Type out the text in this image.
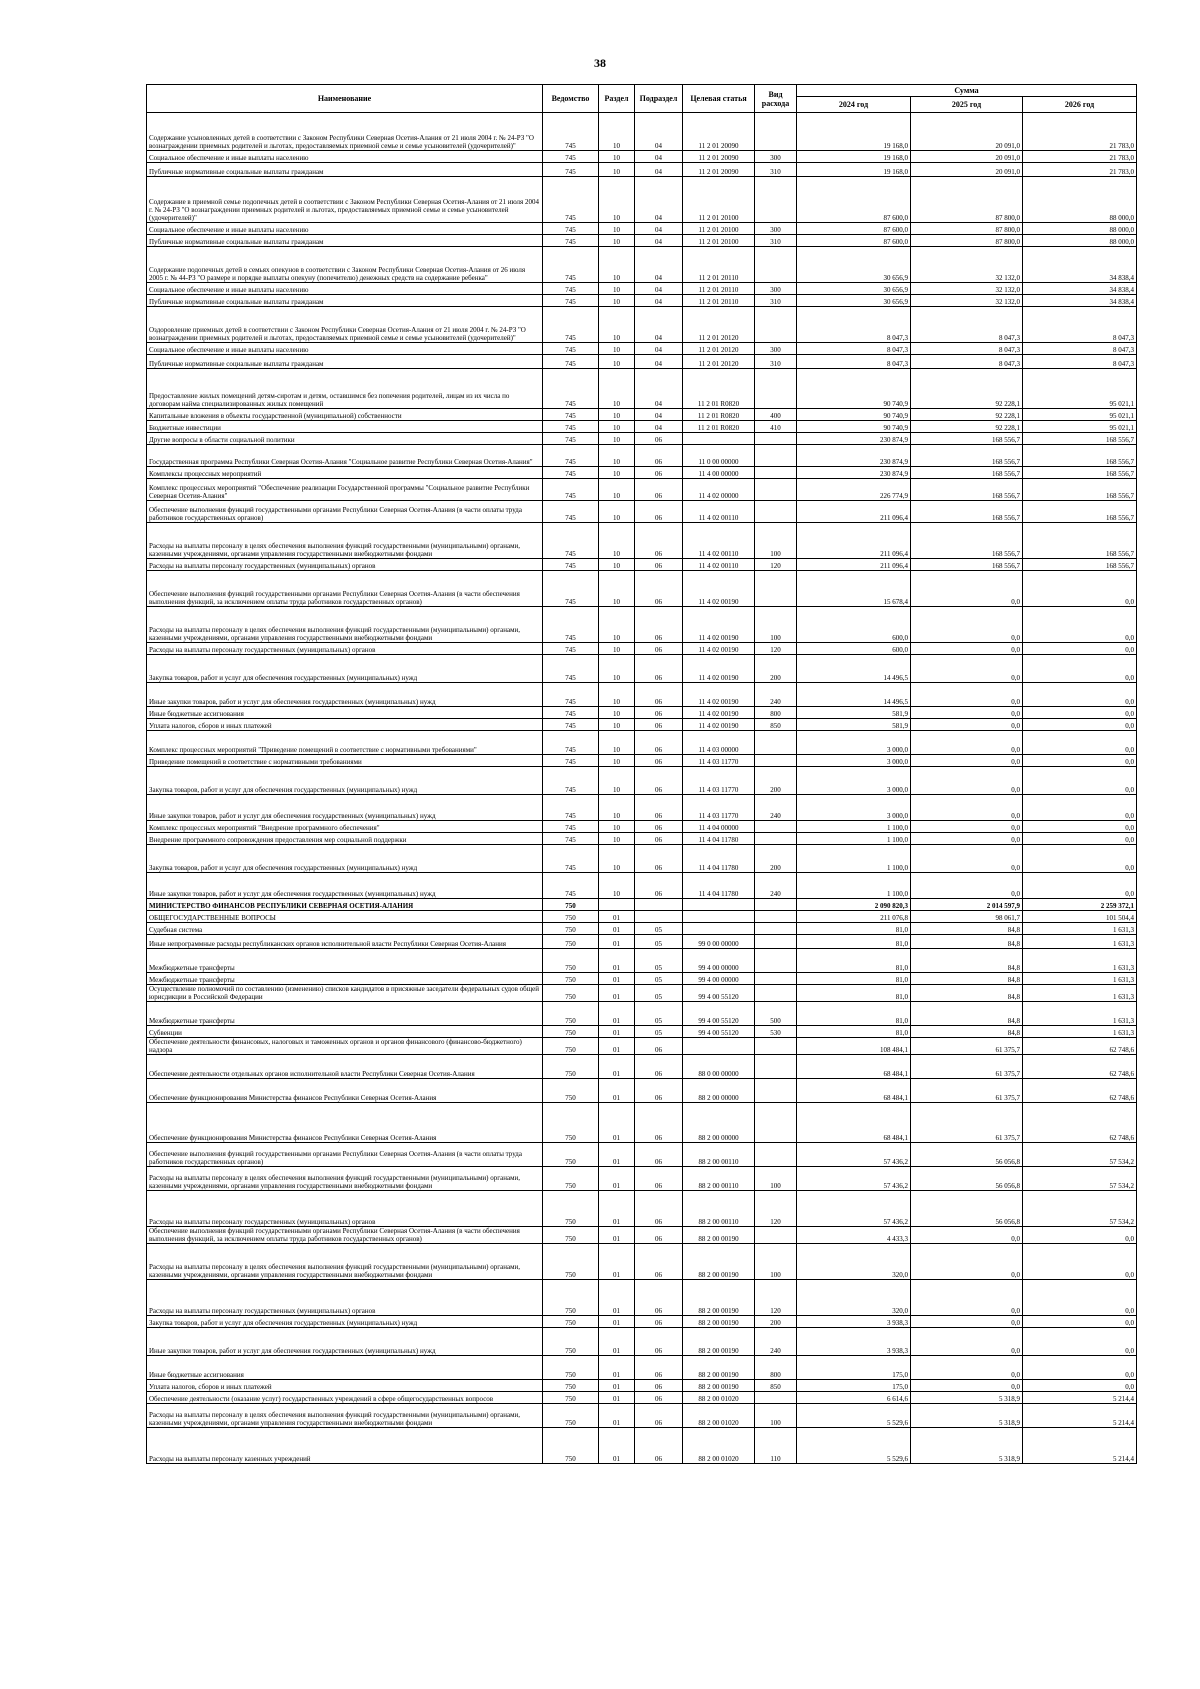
38
Наименование	Ведомство	Раздел	Подраздел	Целевая статья	Вид расхода	Сумма		
						2024 год	2025 год	2026 год
Содержание усыновленных детей в соответствии с Законом Республики Северная Осетия-Алания от 21 июля 2004 г. № 24-РЗ "О вознаграждении приемных родителей и льготах, предоставляемых приемной семье и семье усыновителей (удочерителей)"	745	10	04	11 2 01 20090		19 168,0	20 091,0	21 783,0
Социальное обеспечение и иные выплаты населению	745	10	04	11 2 01 20090	300	19 168,0	20 091,0	21 783,0
Публичные нормативные социальные выплаты гражданам	745	10	04	11 2 01 20090	310	19 168,0	20 091,0	21 783,0
Содержание в приемной семье подопечных детей в соответствии с Законом Республики Северная Осетия-Алания от 21 июля 2004 г. № 24-РЗ "О вознаграждении приемных родителей и льготах, предоставляемых приемной семье и семье усыновителей (удочерителей)"	745	10	04	11 2 01 20100		87 600,0	87 800,0	88 000,0
Социальное обеспечение и иные выплаты населению	745	10	04	11 2 01 20100	300	87 600,0	87 800,0	88 000,0
Публичные нормативные социальные выплаты гражданам	745	10	04	11 2 01 20100	310	87 600,0	87 800,0	88 000,0
Содержание подопечных детей в семьях опекунов в соответствии с Законом Республики Северная Осетия-Алания от 26 июля 2005 г. № 44-РЗ "О размере и порядке выплаты опекуну (попечителю) денежных средств на содержание ребенка"	745	10	04	11 2 01 20110		30 656,9	32 132,0	34 838,4
Социальное обеспечение и иные выплаты населению	745	10	04	11 2 01 20110	300	30 656,9	32 132,0	34 838,4
Публичные нормативные социальные выплаты гражданам	745	10	04	11 2 01 20110	310	30 656,9	32 132,0	34 838,4
Оздоровление приемных детей в соответствии с Законом Республики Северная Осетия-Алания от 21 июля 2004 г. № 24-РЗ "О вознаграждении приемных родителей и льготах, предоставляемых приемной семье и семье усыновителей (удочерителей)"	745	10	04	11 2 01 20120		8 047,3	8 047,3	8 047,3
Социальное обеспечение и иные выплаты населению	745	10	04	11 2 01 20120	300	8 047,3	8 047,3	8 047,3
Публичные нормативные социальные выплаты гражданам	745	10	04	11 2 01 20120	310	8 047,3	8 047,3	8 047,3
Предоставление жилых помещений детям-сиротам и детям, оставшимся без попечения родителей, лицам из их числа по договорам найма специализированных жилых помещений	745	10	04	11 2 01 R0820		90 740,9	92 228,1	95 021,1
Капитальные вложения в объекты государственной (муниципальной) собственности	745	10	04	11 2 01 R0820	400	90 740,9	92 228,1	95 021,1
Бюджетные инвестиции	745	10	04	11 2 01 R0820	410	90 740,9	92 228,1	95 021,1
Другие вопросы в области социальной политики	745	10	06			230 874,9	168 556,7	168 556,7
Государственная программа Республики Северная Осетия-Алания "Социальное развитие Республики Северная Осетия-Алания"	745	10	06	11 0 00 00000		230 874,9	168 556,7	168 556,7
Комплексы процессных мероприятий	745	10	06	11 4 00 00000		230 874,9	168 556,7	168 556,7
Комплекс процессных мероприятий "Обеспечение реализации Государственной программы "Социальное развитие Республики Северная Осетия-Алания"	745	10	06	11 4 02 00000		226 774,9	168 556,7	168 556,7
Обеспечение выполнения функций государственными органами Республики Северная Осетия-Алания (в части оплаты труда работников государственных органов)	745	10	06	11 4 02 00110		211 096,4	168 556,7	168 556,7
Расходы на выплаты персоналу в целях обеспечения выполнения функций государственными (муниципальными) органами, казенными учреждениями, органами управления государственными внебюджетными фондами	745	10	06	11 4 02 00110	100	211 096,4	168 556,7	168 556,7
Расходы на выплаты персоналу государственных (муниципальных) органов	745	10	06	11 4 02 00110	120	211 096,4	168 556,7	168 556,7
Обеспечение выполнения функций государственными органами Республики Северная Осетия-Алания (в части обеспечения выполнения функций, за исключением оплаты труда работников государственных органов)	745	10	06	11 4 02 00190		15 678,4	0,0	0,0
Расходы на выплаты персоналу в целях обеспечения выполнения функций государственными (муниципальными) органами, казенными учреждениями, органами управления государственными внебюджетными фондами	745	10	06	11 4 02 00190	100	600,0	0,0	0,0
Расходы на выплаты персоналу государственных (муниципальных) органов	745	10	06	11 4 02 00190	120	600,0	0,0	0,0
Закупка товаров, работ и услуг для обеспечения государственных (муниципальных) нужд	745	10	06	11 4 02 00190	200	14 496,5	0,0	0,0
Иные закупки товаров, работ и услуг для обеспечения государственных (муниципальных) нужд	745	10	06	11 4 02 00190	240	14 496,5	0,0	0,0
Иные бюджетные ассигнования	745	10	06	11 4 02 00190	800	581,9	0,0	0,0
Уплата налогов, сборов и иных платежей	745	10	06	11 4 02 00190	850	581,9	0,0	0,0
Комплекс процессных мероприятий "Приведение помещений в соответствие с нормативными требованиями"	745	10	06	11 4 03 00000		3 000,0	0,0	0,0
Приведение помещений в соответствие с нормативными требованиями	745	10	06	11 4 03 11770		3 000,0	0,0	0,0
Закупка товаров, работ и услуг для обеспечения государственных (муниципальных) нужд	745	10	06	11 4 03 11770	200	3 000,0	0,0	0,0
Иные закупки товаров, работ и услуг для обеспечения государственных (муниципальных) нужд	745	10	06	11 4 03 11770	240	3 000,0	0,0	0,0
Комплекс процессных мероприятий "Внедрение программного обеспечения"	745	10	06	11 4 04 00000		1 100,0	0,0	0,0
Внедрение программного сопровождения предоставления мер социальной поддержки	745	10	06	11 4 04 11780		1 100,0	0,0	0,0
Закупка товаров, работ и услуг для обеспечения государственных (муниципальных) нужд	745	10	06	11 4 04 11780	200	1 100,0	0,0	0,0
Иные закупки товаров, работ и услуг для обеспечения государственных (муниципальных) нужд	745	10	06	11 4 04 11780	240	1 100,0	0,0	0,0
МИНИСТЕРСТВО ФИНАНСОВ РЕСПУБЛИКИ СЕВЕРНАЯ ОСЕТИЯ-АЛАНИЯ	750					2 090 820,3	2 014 597,9	2 259 372,1
ОБЩЕГОСУДАРСТВЕННЫЕ ВОПРОСЫ	750	01				211 076,8	98 061,7	101 504,4
Судебная система	750	01	05			81,0	84,8	1 631,3
Иные непрограммные расходы республиканских органов исполнительной власти Республики Северная Осетия-Алания	750	01	05	99 0 00 00000		81,0	84,8	1 631,3
Межбюджетные трансферты	750	01	05	99 4 00 00000		81,0	84,8	1 631,3
Межбюджетные трансферты	750	01	05	99 4 00 00000		81,0	84,8	1 631,3
Осуществление полномочий по составлению (изменению) списков кандидатов в присяжные заседатели федеральных судов общей юрисдикции в Российской Федерации	750	01	05	99 4 00 55120		81,0	84,8	1 631,3
Межбюджетные трансферты	750	01	05	99 4 00 55120	500	81,0	84,8	1 631,3
Субвенции	750	01	05	99 4 00 55120	530	81,0	84,8	1 631,3
Обеспечение деятельности финансовых, налоговых и таможенных органов и органов финансового (финансово-бюджетного) надзора	750	01	06			108 484,1	61 375,7	62 748,6
Обеспечение деятельности отдельных органов исполнительной власти Республики Северная Осетия-Алания	750	01	06	88 0 00 00000		68 484,1	61 375,7	62 748,6
Обеспечение функционирования Министерства финансов Республики Северная Осетия-Алания	750	01	06	88 2 00 00000		68 484,1	61 375,7	62 748,6
Обеспечение функционирования Министерства финансов Республики Северная Осетия-Алания	750	01	06	88 2 00 00000		68 484,1	61 375,7	62 748,6
Обеспечение выполнения функций государственными органами Республики Северная Осетия-Алания (в части оплаты труда работников государственных органов)	750	01	06	88 2 00 00110		57 436,2	56 056,8	57 534,2
Расходы на выплаты персоналу в целях обеспечения выполнения функций государственными (муниципальными) органами, казенными учреждениями, органами управления государственными внебюджетными фондами	750	01	06	88 2 00 00110	100	57 436,2	56 056,8	57 534,2
Расходы на выплаты персоналу государственных (муниципальных) органов	750	01	06	88 2 00 00110	120	57 436,2	56 056,8	57 534,2
Обеспечение выполнения функций государственными органами Республики Северная Осетия-Алания (в части обеспечения выполнения функций, за исключением оплаты труда работников государственных органов)	750	01	06	88 2 00 00190		4 433,3	0,0	0,0
Расходы на выплаты персоналу в целях обеспечения выполнения функций государственными (муниципальными) органами, казенными учреждениями, органами управления государственными внебюджетными фондами	750	01	06	88 2 00 00190	100	320,0	0,0	0,0
Расходы на выплаты персоналу государственных (муниципальных) органов	750	01	06	88 2 00 00190	120	320,0	0,0	0,0
Закупка товаров, работ и услуг для обеспечения государственных (муниципальных) нужд	750	01	06	88 2 00 00190	200	3 938,3	0,0	0,0
Иные закупки товаров, работ и услуг для обеспечения государственных (муниципальных) нужд	750	01	06	88 2 00 00190	240	3 938,3	0,0	0,0
Иные бюджетные ассигнования	750	01	06	88 2 00 00190	800	175,0	0,0	0,0
Уплата налогов, сборов и иных платежей	750	01	06	88 2 00 00190	850	175,0	0,0	0,0
Обеспечение деятельности (оказание услуг) государственных учреждений в сфере общегосударственных вопросов	750	01	06	88 2 00 01020		6 614,6	5 318,9	5 214,4
Расходы на выплаты персоналу в целях обеспечения выполнения функций государственными (муниципальными) органами, казенными учреждениями, органами управления государственными внебюджетными фондами	750	01	06	88 2 00 01020	100	5 529,6	5 318,9	5 214,4
Расходы на выплаты персоналу казенных учреждений	750	01	06	88 2 00 01020	110	5 529,6	5 318,9	5 214,4
